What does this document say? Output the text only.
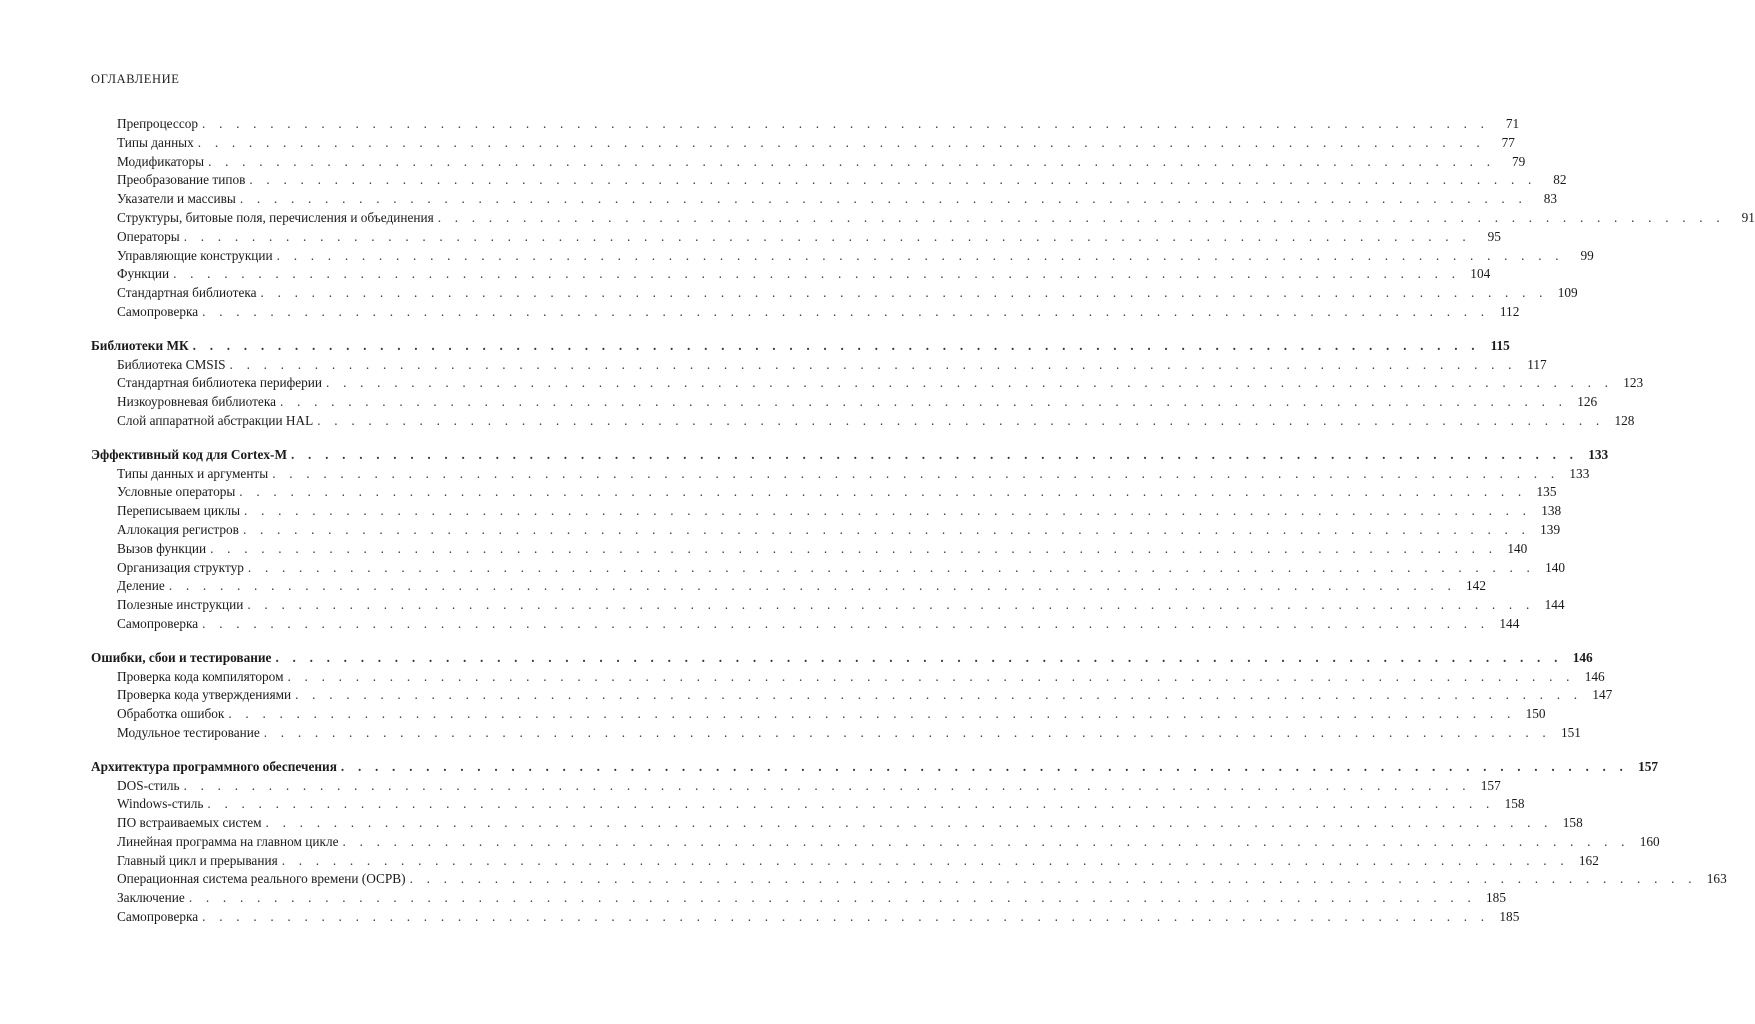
ОГЛАВЛЕНИЕ
Препроцессор . . . . . . . . . . . . . . . . . . . . . . . . . . . . . . . . . . . . . . . . . . . . . . . . . . . . . . . . . . . . . . . . . . . . . . . . . . . .	71
Типы данных . . . . . . . . . . . . . . . . . . . . . . . . . . . . . . . . . . . . . . . . . . . . . . . . . . . . . . . . . . . . . . . . . . . . . . . . . . . .	77
Модификаторы . . . . . . . . . . . . . . . . . . . . . . . . . . . . . . . . . . . . . . . . . . . . . . . . . . . . . . . . . . . . . . . . . . . . . . . . . . . .	79
Преобразование типов . . . . . . . . . . . . . . . . . . . . . . . . . . . . . . . . . . . . . . . . . . . . . . . . . . . . . . . . . . . . . . . . . . . . . . . . . . . .	82
Указатели и массивы . . . . . . . . . . . . . . . . . . . . . . . . . . . . . . . . . . . . . . . . . . . . . . . . . . . . . . . . . . . . . . . . . . . . . . . . . . . .	83
Структуры, битовые поля, перечисления и объединения . . . . . . . . . . . . . . . . . . . . . . . . . . . . . . . . . . . . . . . . . . . . . . . . . . . . . . . . . . . . . . . . . . . . . . . . . . . .	91
Операторы . . . . . . . . . . . . . . . . . . . . . . . . . . . . . . . . . . . . . . . . . . . . . . . . . . . . . . . . . . . . . . . . . . . . . . . . . . . .	95
Управляющие конструкции . . . . . . . . . . . . . . . . . . . . . . . . . . . . . . . . . . . . . . . . . . . . . . . . . . . . . . . . . . . . . . . . . . . . . . . . . . . .	99
Функции . . . . . . . . . . . . . . . . . . . . . . . . . . . . . . . . . . . . . . . . . . . . . . . . . . . . . . . . . . . . . . . . . . . . . . . . . . . . 104
Стандартная библиотека . . . . . . . . . . . . . . . . . . . . . . . . . . . . . . . . . . . . . . . . . . . . . . . . . . . . . . . . . . . . . . . . . . . . . . . . . . . . 109
Самопроверка . . . . . . . . . . . . . . . . . . . . . . . . . . . . . . . . . . . . . . . . . . . . . . . . . . . . . . . . . . . . . . . . . . . . . . . . . . . . 112
Библиотеки МК . . . . . . . . . . . . . . . . . . . . . . . . . . . . . . . . . . . . . . . . . . . . . . . . . . . . . . . . . . . . . . . . . . . . . . . . . . . . 115
Библиотека CMSIS . . . . . . . . . . . . . . . . . . . . . . . . . . . . . . . . . . . . . . . . . . . . . . . . . . . . . . . . . . . . . . . . . . . . . . . . . . . . 117
Стандартная библиотека периферии . . . . . . . . . . . . . . . . . . . . . . . . . . . . . . . . . . . . . . . . . . . . . . . . . . . . . . . . . . . . . . . . . . . . . . . . . . . . 123
Низкоуровневая библиотека . . . . . . . . . . . . . . . . . . . . . . . . . . . . . . . . . . . . . . . . . . . . . . . . . . . . . . . . . . . . . . . . . . . . . . . . . . . . 126
Слой аппаратной абстракции HAL . . . . . . . . . . . . . . . . . . . . . . . . . . . . . . . . . . . . . . . . . . . . . . . . . . . . . . . . . . . . . . . . . . . . . . . . . . . . 128
Эффективный код для Cortex-M . . . . . . . . . . . . . . . . . . . . . . . . . . . . . . . . . . . . . . . . . . . . . . . . . . . . . . . . . . . . . . . . . . . . . . . . . . . . 133
Типы данных и аргументы . . . . . . . . . . . . . . . . . . . . . . . . . . . . . . . . . . . . . . . . . . . . . . . . . . . . . . . . . . . . . . . . . . . . . . . . . . . . 133
Условные операторы . . . . . . . . . . . . . . . . . . . . . . . . . . . . . . . . . . . . . . . . . . . . . . . . . . . . . . . . . . . . . . . . . . . . . . . . . . . . 135
Переписываем циклы . . . . . . . . . . . . . . . . . . . . . . . . . . . . . . . . . . . . . . . . . . . . . . . . . . . . . . . . . . . . . . . . . . . . . . . . . . . . 138
Аллокация регистров . . . . . . . . . . . . . . . . . . . . . . . . . . . . . . . . . . . . . . . . . . . . . . . . . . . . . . . . . . . . . . . . . . . . . . . . . . . . 139
Вызов функции . . . . . . . . . . . . . . . . . . . . . . . . . . . . . . . . . . . . . . . . . . . . . . . . . . . . . . . . . . . . . . . . . . . . . . . . . . . . 140
Организация структур . . . . . . . . . . . . . . . . . . . . . . . . . . . . . . . . . . . . . . . . . . . . . . . . . . . . . . . . . . . . . . . . . . . . . . . . . . . . 140
Деление . . . . . . . . . . . . . . . . . . . . . . . . . . . . . . . . . . . . . . . . . . . . . . . . . . . . . . . . . . . . . . . . . . . . . . . . . . . . 142
Полезные инструкции . . . . . . . . . . . . . . . . . . . . . . . . . . . . . . . . . . . . . . . . . . . . . . . . . . . . . . . . . . . . . . . . . . . . . . . . . . . . 144
Самопроверка . . . . . . . . . . . . . . . . . . . . . . . . . . . . . . . . . . . . . . . . . . . . . . . . . . . . . . . . . . . . . . . . . . . . . . . . . . . . 144
Ошибки, сбои и тестирование . . . . . . . . . . . . . . . . . . . . . . . . . . . . . . . . . . . . . . . . . . . . . . . . . . . . . . . . . . . . . . . . . . . . . . . . . . . . 146
Проверка кода компилятором . . . . . . . . . . . . . . . . . . . . . . . . . . . . . . . . . . . . . . . . . . . . . . . . . . . . . . . . . . . . . . . . . . . . . . . . . . . . 146
Проверка кода утверждениями . . . . . . . . . . . . . . . . . . . . . . . . . . . . . . . . . . . . . . . . . . . . . . . . . . . . . . . . . . . . . . . . . . . . . . . . . . . . 147
Обработка ошибок . . . . . . . . . . . . . . . . . . . . . . . . . . . . . . . . . . . . . . . . . . . . . . . . . . . . . . . . . . . . . . . . . . . . . . . . . . . . 150
Модульное тестирование . . . . . . . . . . . . . . . . . . . . . . . . . . . . . . . . . . . . . . . . . . . . . . . . . . . . . . . . . . . . . . . . . . . . . . . . . . . . 151
Архитектура программного обеспечения . . . . . . . . . . . . . . . . . . . . . . . . . . . . . . . . . . . . . . . . . . . . . . . . . . . . . . . . . . . . . . . . . . . . . . . . . . . . 157
DOS-стиль . . . . . . . . . . . . . . . . . . . . . . . . . . . . . . . . . . . . . . . . . . . . . . . . . . . . . . . . . . . . . . . . . . . . . . . . . . . . 157
Windows-стиль . . . . . . . . . . . . . . . . . . . . . . . . . . . . . . . . . . . . . . . . . . . . . . . . . . . . . . . . . . . . . . . . . . . . . . . . . . . . 158
ПО встраиваемых систем . . . . . . . . . . . . . . . . . . . . . . . . . . . . . . . . . . . . . . . . . . . . . . . . . . . . . . . . . . . . . . . . . . . . . . . . . . . . 158
Линейная программа на главном цикле . . . . . . . . . . . . . . . . . . . . . . . . . . . . . . . . . . . . . . . . . . . . . . . . . . . . . . . . . . . . . . . . . . . . . . . . . . . . 160
Главный цикл и прерывания . . . . . . . . . . . . . . . . . . . . . . . . . . . . . . . . . . . . . . . . . . . . . . . . . . . . . . . . . . . . . . . . . . . . . . . . . . . . 162
Операционная система реального времени (ОСРВ) . . . . . . . . . . . . . . . . . . . . . . . . . . . . . . . . . . . . . . . . . . . . . . . . . . . . . . . . . . . . . . . . . . . . . . . . . . . . 163
Заключение . . . . . . . . . . . . . . . . . . . . . . . . . . . . . . . . . . . . . . . . . . . . . . . . . . . . . . . . . . . . . . . . . . . . . . . . . . . . 185
Самопроверка . . . . . . . . . . . . . . . . . . . . . . . . . . . . . . . . . . . . . . . . . . . . . . . . . . . . . . . . . . . . . . . . . . . . . . . . . . . . 185
